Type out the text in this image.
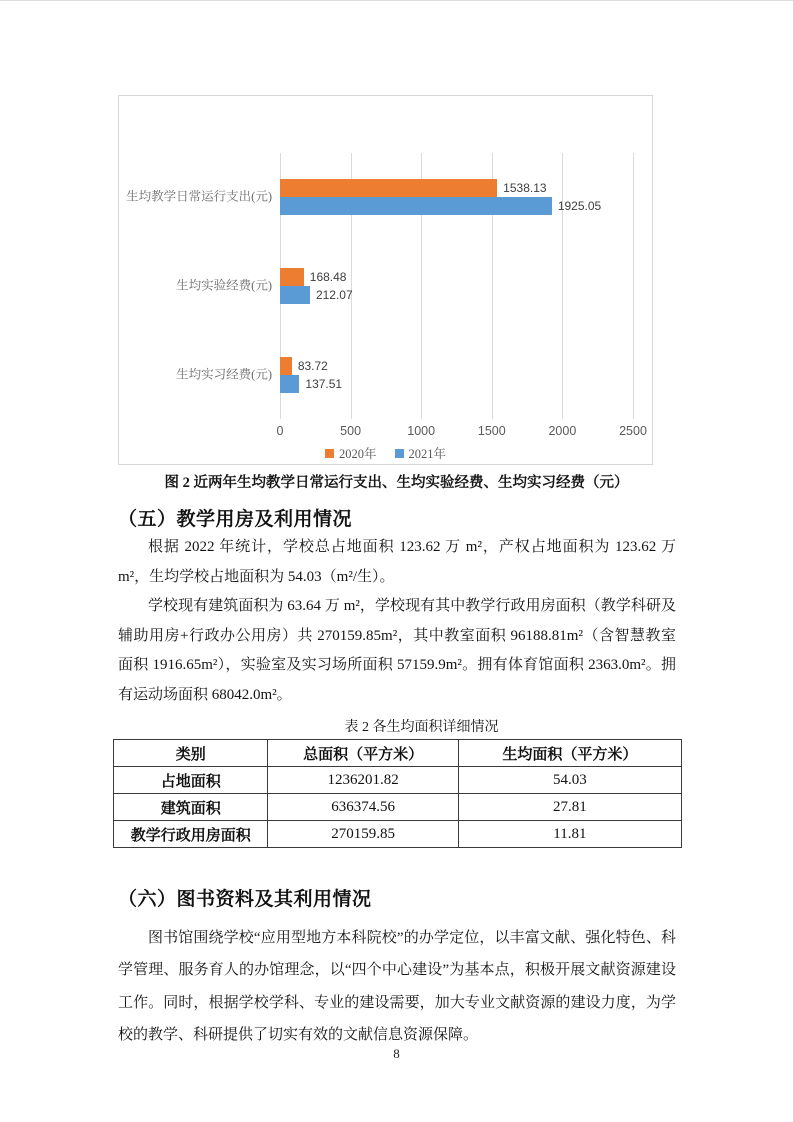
生均教学日常运行支出(元)
1538.13
1925.05
生均实验经费(元)
168.48
212.07
生均实习经费(元)
83.72
137.51
0	500	1000	1500	2000	2500
2020年	2021年
图 2 近两年生均教学日常运行支出、生均实验经费、生均实习经费（元）
（五）教学用房及利用情况

根据 2022 年统计，学校总占地面积 123.62 万 m²，产权占地面积为 123.62 万 m²，生均学校占地面积为 54.03（m²/生）。

学校现有建筑面积为 63.64 万 m²，学校现有其中教学行政用房面积（教学科研及辅助用房+行政办公用房）共 270159.85m²，其中教室面积 96188.81m²（含智慧教室面积 1916.65m²），实验室及实习场所面积 57159.9m²。拥有体育馆面积 2363.0m²。拥有运动场面积 68042.0m²。

表 2 各生均面积详细情况
类别	总面积（平方米）	生均面积（平方米）
占地面积	1236201.82	54.03
建筑面积	636374.56	27.81
教学行政用房面积	270159.85	11.81
（六）图书资料及其利用情况

图书馆围绕学校“应用型地方本科院校”的办学定位，以丰富文献、强化特色、科学管理、服务育人的办馆理念，以“四个中心建设”为基本点，积极开展文献资源建设工作。同时，根据学校学科、专业的建设需要，加大专业文献资源的建设力度，为学校的教学、科研提供了切实有效的文献信息资源保障。

8
